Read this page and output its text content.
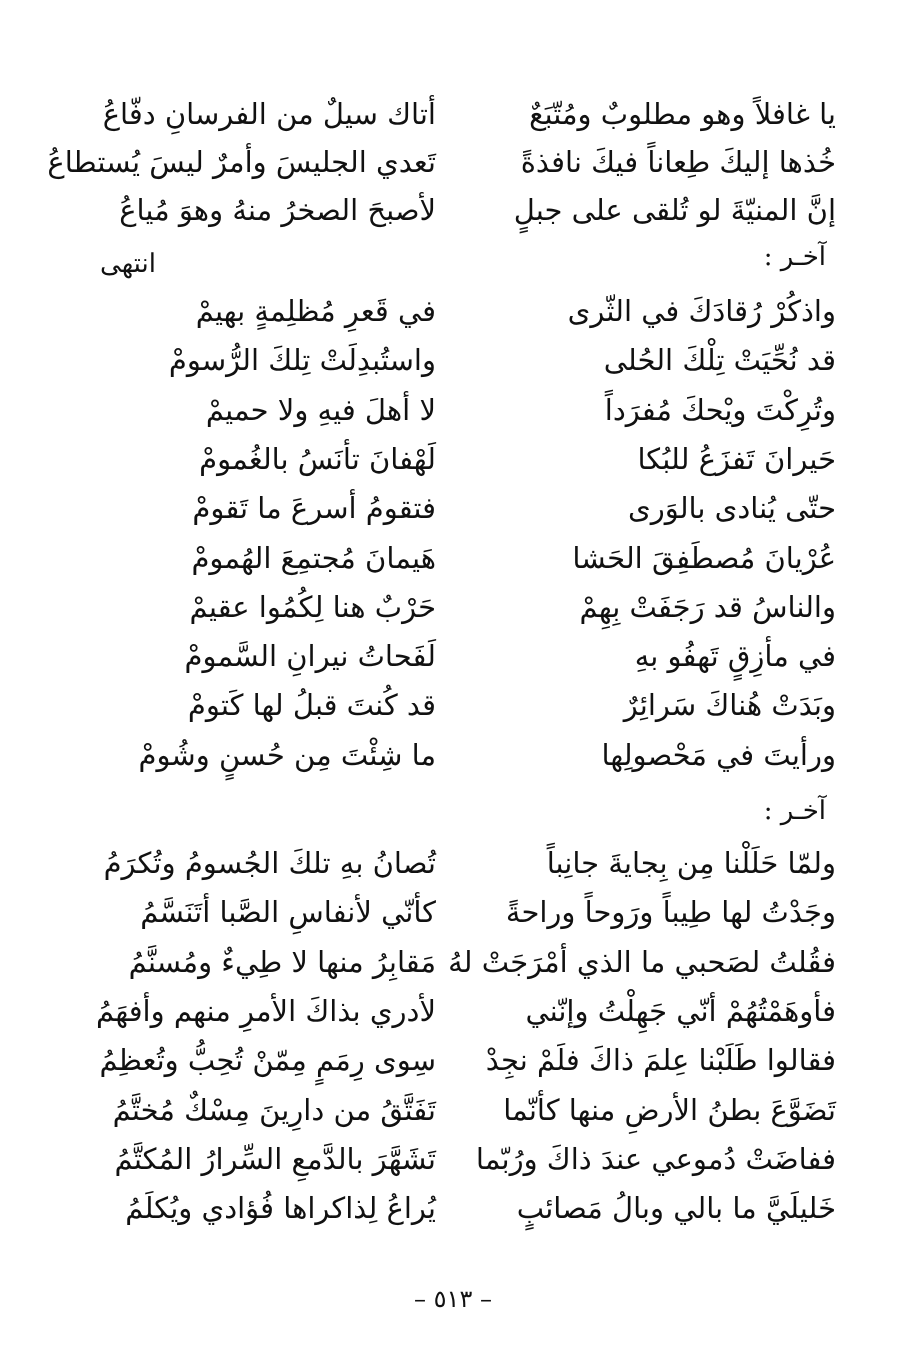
يا غافلاً وهو مطلوبٌ ومُتّبَعٌ
أتاك سيلٌ من الفرسانِ دفّاعُ
خُذها إليكَ طِعاناً فيكَ نافذةً
تَعدي الجليسَ وأمرٌ ليسَ يُستطاعُ
إنَّ المنيّةَ لو تُلقى على جبلٍ
لأصبحَ الصخرُ منهُ وهوَ مُياعُ
انتهى	آخـر :
واذكُرْ رُقادَكَ في الثّرى
في قَعرِ مُظلِمةٍ بهيمْ
قد نُحِّيَتْ تِلْكَ الحُلى
واستُبدِلَتْ تِلكَ الرُّسومْ
وتُرِكْتَ ويْحكَ مُفرَداً
لا أهلَ فيهِ ولا حميمْ
حَيرانَ تَفزَعُ للبُكا
لَهْفانَ تأنَسُ بالغُمومْ
حتّى يُنادى بالوَرى
فتقومُ أسرعَ ما تَقومْ
عُرْيانَ مُصطَفِقَ الحَشا
هَيمانَ مُجتمِعَ الهُمومْ
والناسُ قد رَجَفَتْ بِهِمْ
حَرْبٌ هنا لِكُمُوا عقيمْ
في مأزِقٍ تَهفُو بهِ
لَفَحاتُ نيرانِ السَّمومْ
وبَدَتْ هُناكَ سَرائِرٌ
قد كُنتَ قبلُ لها كَتومْ
ورأيتَ في مَحْصولِها
ما شِئْتَ مِن حُسنٍ وشُومْ
آخـر :
ولمّا حَلَلْنا مِن بِجايةَ جانِباً
تُصانُ بهِ تلكَ الجُسومُ وتُكرَمُ
وجَدْتُ لها طِيباً ورَوحاً وراحةً
كأنّي لأنفاسِ الصَّبا أتَنَسَّمُ
فقُلتُ لصَحبي ما الذي أمْرَجَتْ لهُ
مَقابِرُ منها لا طِيءٌ ومُسنَّمُ
فأوهَمْتُهُمْ أنّي جَهِلْتُ وإنّني
لأدري بذاكَ الأمرِ منهم وأفهَمُ
فقالوا طَلَبْنا عِلمَ ذاكَ فلَمْ نجِدْ
سِوى رِمَمٍ مِمّنْ تُحِبُّ وتُعظِمُ
تَضَوَّعَ بطنُ الأرضِ منها كأنّما
تَفَتَّقُ من دارِينَ مِسْكٌ مُختَّمُ
ففاضَتْ دُموعي عندَ ذاكَ ورُبّما
تَشَهَّرَ بالدَّمعِ السِّرارُ المُكتَّمُ
خَليلَيَّ ما بالي وبالُ مَصائبٍ
يُراعُ لِذاكراها فُؤادي ويُكلَمُ
– ٥١٣ –
